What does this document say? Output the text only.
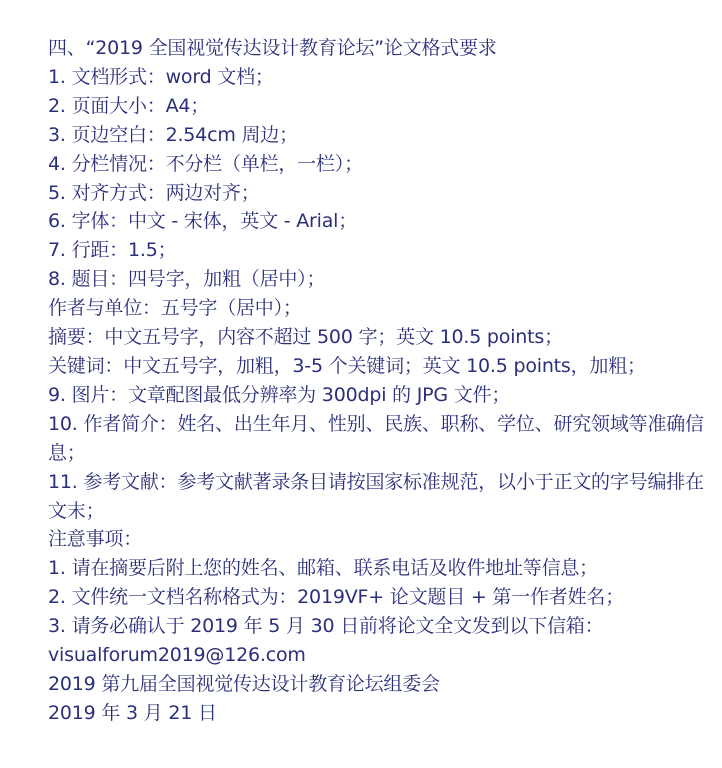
四、“2019 全国视觉传达设计教育论坛”论文格式要求

1. 文档形式：word 文档；

2. 页面大小：A4；

3. 页边空白：2.54cm 周边；

4. 分栏情况：不分栏（单栏，一栏）；

5. 对齐方式：两边对齐；

6. 字体：中文 - 宋体，英文 - Arial；

7. 行距：1.5；

8. 题目：四号字，加粗（居中）；

作者与单位：五号字（居中）；

摘要：中文五号字，内容不超过 500 字；英文 10.5 points；

关键词：中文五号字，加粗，3-5 个关键词；英文 10.5 points，加粗；

9. 图片：文章配图最低分辨率为 300dpi 的 JPG 文件；

10. 作者简介：姓名、出生年月、性别、民族、职称、学位、研究领域等准确信息；

11. 参考文献：参考文献著录条目请按国家标准规范，以小于正文的字号编排在文末；

注意事项：

1. 请在摘要后附上您的姓名、邮箱、联系电话及收件地址等信息；

2. 文件统一文档名称格式为：2019VF+ 论文题目 + 第一作者姓名；

3. 请务必确认于 2019 年 5 月 30 日前将论文全文发到以下信箱：

visualforum2019@126.com

2019 第九届全国视觉传达设计教育论坛组委会

2019 年 3 月 21 日
